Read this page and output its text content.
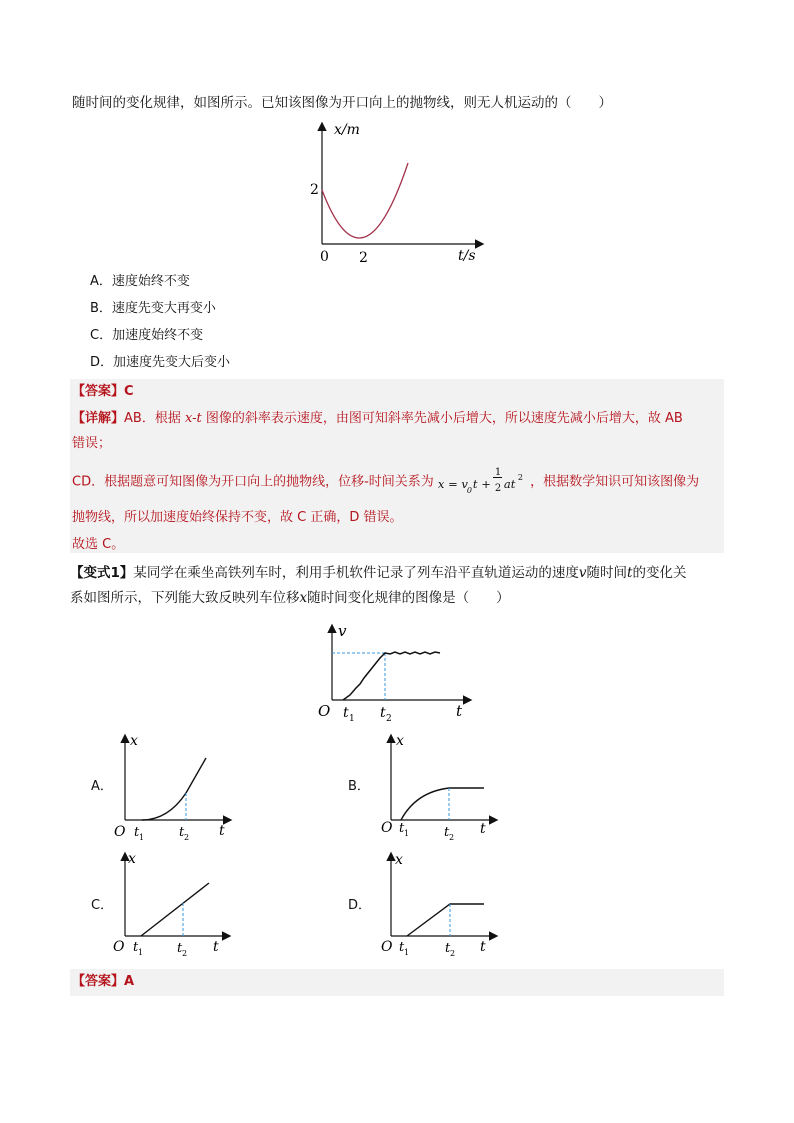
随时间的变化规律，如图所示。已知该图像为开口向上的抛物线，则无人机运动的（　　）
x/m
2
0 2	t/s
A．速度始终不变
B．速度先变大再变小
C．加速度始终不变
D．加速度先变大后变小
【答案】C
【详解】AB．根据 x-t 图像的斜率表示速度，由图可知斜率先减小后增大，所以速度先减小后增大，故 AB
错误；
CD．根据题意可知图像为开口向上的抛物线，位移-时间关系为 x = v 0 t +
1
2 at 2 ，根据数学知识可知该图像为
抛物线，所以加速度始终保持不变，故 C 正确，D 错误。
故选 C。
【变式1】某同学在乘坐高铁列车时，利用手机软件记录了列车沿平直轨道运动的速度v随时间t的变化关
系如图所示，下列能大致反映列车位移x随时间变化规律的图像是（　　）
v
O t 1 t 2	t
A．
x
O t 1	t 2 t
B．
x
O t 1	t 2
t
C．
x
O t 1	t 2 t
D．
x
O t 1	t 2 t
【答案】A
